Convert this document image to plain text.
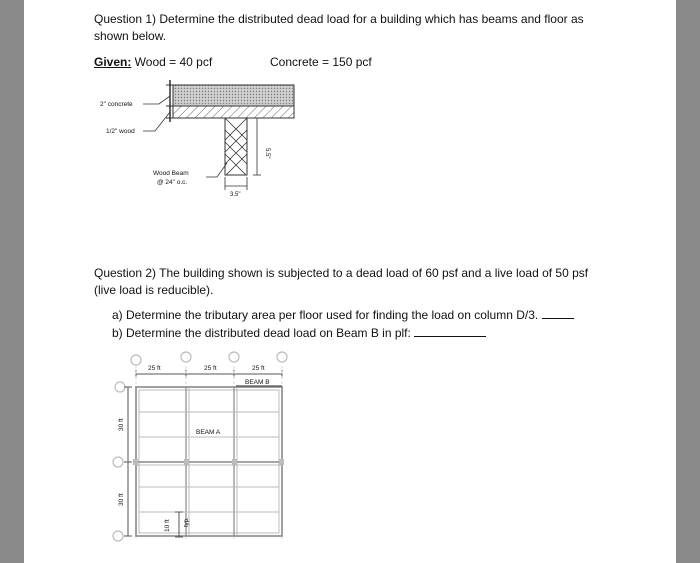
Question 1) Determine the distributed dead load for a building which has beams and floor as
shown below.
Given: Wood = 40 pcf	Concrete = 150 pcf
2" concrete
1/2" wood
Wood Beam
@ 24" o.c.
5.5"
3.5"
Question 2) The building shown is subjected to a dead load of 60 psf and a live load of 50 psf
(live load is reducible).
a) Determine the tributary area per floor used for finding the load on column D/3.
b) Determine the distributed dead load on Beam B in plf:
25 ft	25 ft	25 ft
BEAM B
BEAM A
30 ft
30 ft
10 ft typ.
